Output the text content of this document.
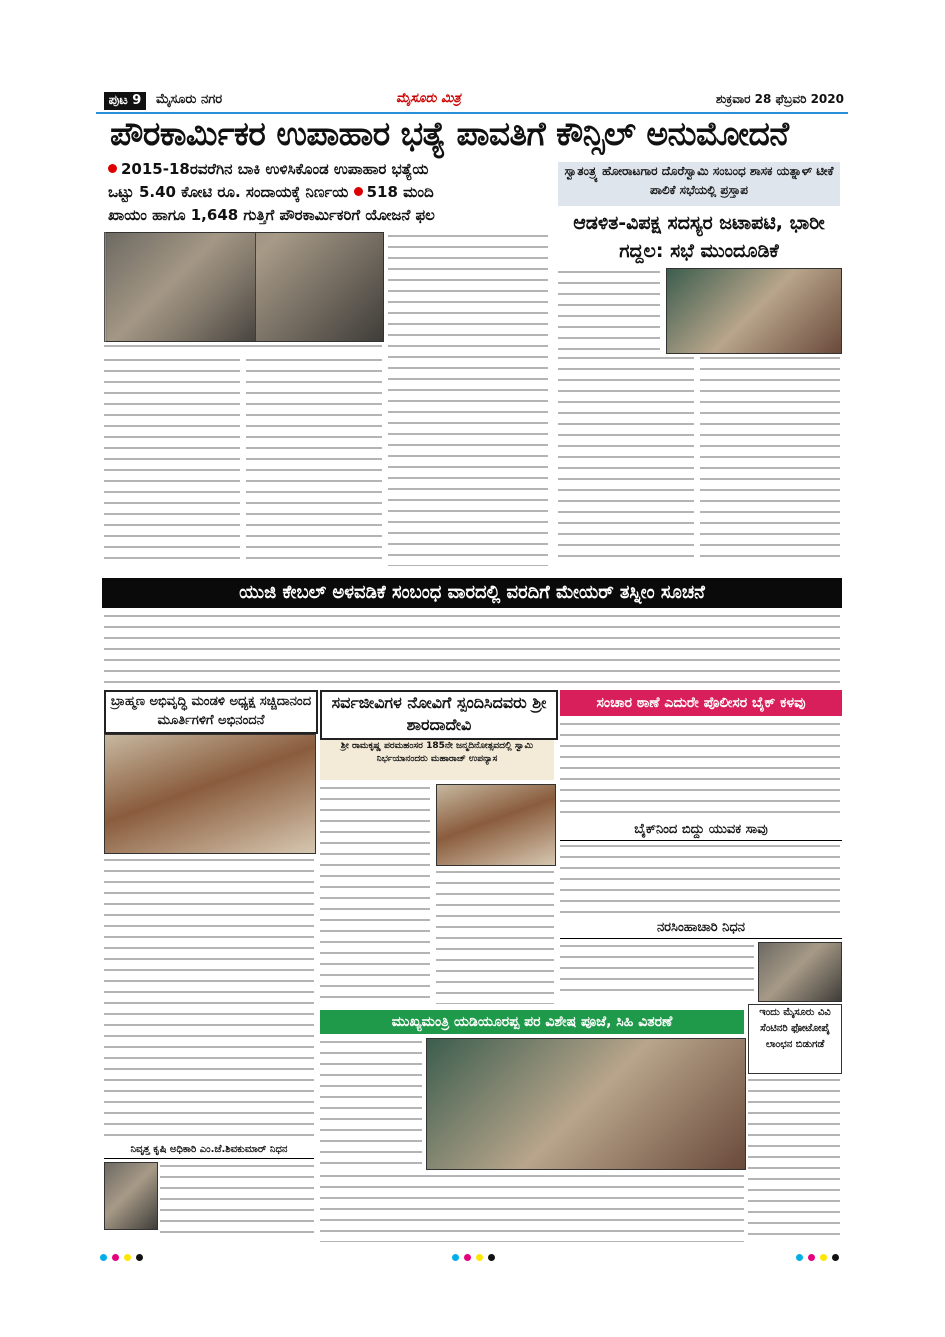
ಪುಟ 9	ಮೈಸೂರು ನಗರ	ಮೈಸೂರು ಮಿತ್ರ	ಶುಕ್ರವಾರ 28 ಫೆಬ್ರವರಿ 2020
ಪೌರಕಾರ್ಮಿಕರ ಉಪಾಹಾರ ಭತ್ಯೆ ಪಾವತಿಗೆ ಕೌನ್ಸಿಲ್ ಅನುಮೋದನೆ
2015-18ರವರೆಗಿನ ಬಾಕಿ ಉಳಿಸಿಕೊಂಡ ಉಪಾಹಾರ ಭತ್ಯೆಯ
ಒಟ್ಟು 5.40 ಕೋಟಿ ರೂ. ಸಂದಾಯಕ್ಕೆ ನಿರ್ಣಯ 518 ಮಂದಿ
ಖಾಯಂ ಹಾಗೂ 1,648 ಗುತ್ತಿಗೆ ಪೌರಕಾರ್ಮಿಕರಿಗೆ ಯೋಜನೆ ಫಲ
ಸ್ವಾತಂತ್ರ್ಯ ಹೋರಾಟಗಾರ ದೊರೆಸ್ವಾಮಿ ಸಂಬಂಧ ಶಾಸಕ ಯತ್ನಾಳ್ ಟೀಕೆ ಪಾಲಿಕೆ ಸಭೆಯಲ್ಲಿ ಪ್ರಸ್ತಾಪ
ಆಡಳಿತ-ವಿಪಕ್ಷ ಸದಸ್ಯರ ಜಟಾಪಟಿ, ಭಾರೀ ಗದ್ದಲ: ಸಭೆ ಮುಂದೂಡಿಕೆ
ಯುಜಿ ಕೇಬಲ್ ಅಳವಡಿಕೆ ಸಂಬಂಧ ವಾರದಲ್ಲಿ ವರದಿಗೆ ಮೇಯರ್ ತಸ್ನೀಂ ಸೂಚನೆ
ಬ್ರಾಹ್ಮಣ ಅಭಿವೃದ್ಧಿ ಮಂಡಳಿ ಅಧ್ಯಕ್ಷ ಸಚ್ಚಿದಾನಂದ ಮೂರ್ತಿಗಳಿಗೆ ಅಭಿನಂದನೆ
ಸರ್ವಜೀವಿಗಳ ನೋವಿಗೆ ಸ್ಪಂದಿಸಿದವರು ಶ್ರೀ ಶಾರದಾದೇವಿ
ಶ್ರೀ ರಾಮಕೃಷ್ಣ ಪರಮಹಂಸರ 185ನೇ ಜನ್ಮದಿನೋತ್ಸವದಲ್ಲಿ ಸ್ವಾಮಿ ನಿರ್ಭಯಾನಂದರು ಮಹಾರಾಜ್ ಉಪನ್ಯಾಸ
ಸಂಚಾರ ಠಾಣೆ ಎದುರೇ ಪೊಲೀಸರ ಬೈಕ್ ಕಳವು
ಬೈಕ್‌ನಿಂದ ಬಿದ್ದು ಯುವಕ ಸಾವು
ನರಸಿಂಹಾಚಾರಿ ನಿಧನ
ಮುಖ್ಯಮಂತ್ರಿ ಯಡಿಯೂರಪ್ಪ ಪರ ವಿಶೇಷ ಪೂಜೆ, ಸಿಹಿ ವಿತರಣೆ
ಇಂದು ಮೈಸೂರು ವಿವಿ ಸೆಂಟಿನರಿ ಫೋಟೋಪೈ ಲಾಂಛನ ಬಿಡುಗಡೆ
ನಿವೃತ್ತ ಕೃಷಿ ಅಧಿಕಾರಿ ಎಂ.ಜೆ.ಶಿವಕುಮಾರ್ ನಿಧನ
